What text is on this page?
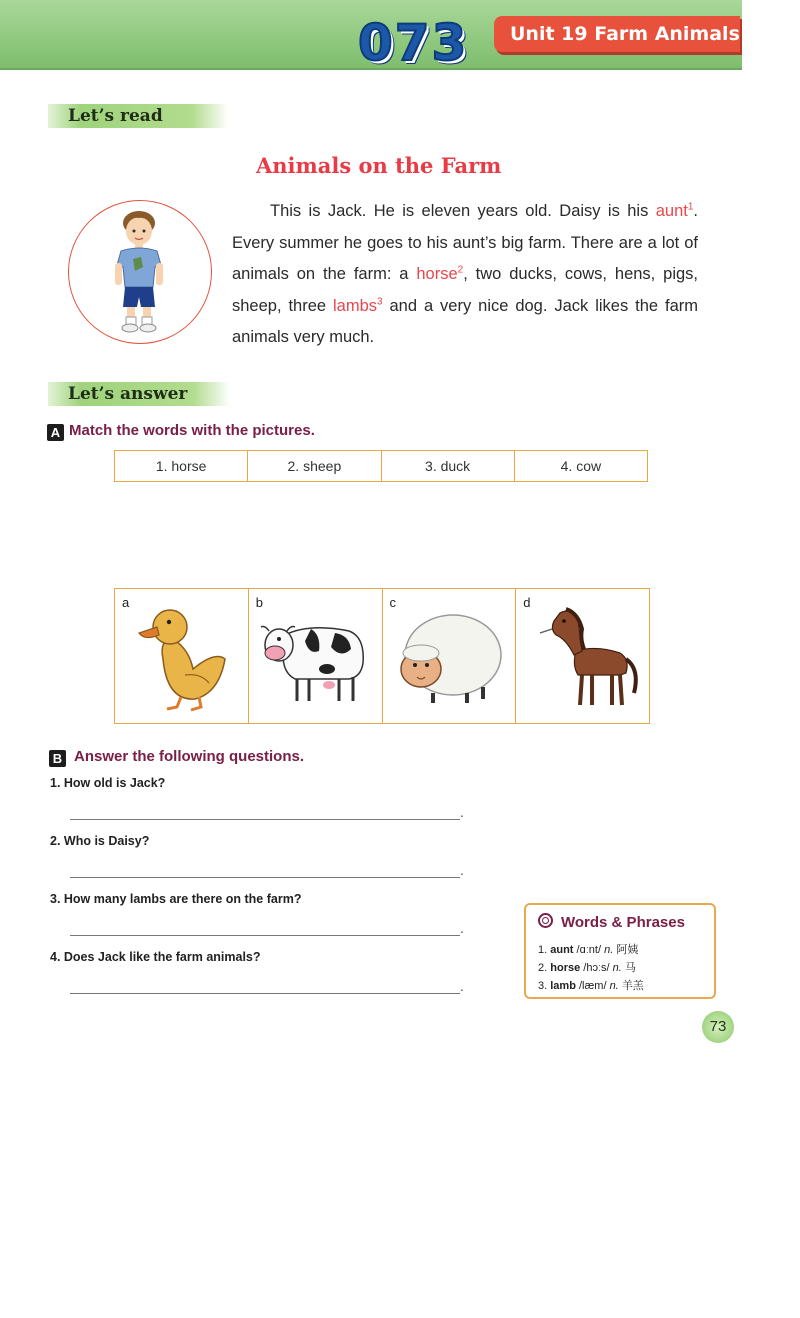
073	Unit 19 Farm Animals
Let’s read
Animals on the Farm
This is Jack. He is eleven years old. Daisy is his aunt$^1$. Every summer he goes to his aunt’s big farm. There are a lot of animals on the farm: a horse$^2$, two ducks, cows, hens, pigs, sheep, three lambs$^3$ and a very nice dog. Jack likes the farm animals very much.
Let’s answer
A Match the words with the pictures.
1. horse	2. sheep	3. duck	4. cow
a	b	c	d
B Answer the following questions.
1. How old is Jack?
.
2. Who is Daisy?
.
3. How many lambs are there on the farm?
.
4. Does Jack like the farm animals?
.
Words & Phrases
1. aunt /ɑːnt/ n. 阿姨
2. horse /hɔːs/ n. 马
3. lamb /læm/ n. 羊羔
73
